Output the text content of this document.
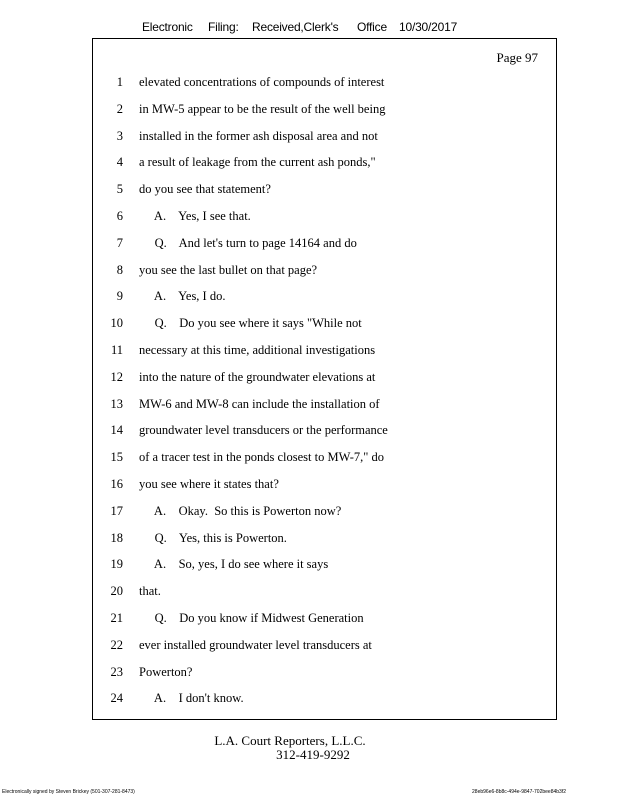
Electronic Filing: Received,Clerk's Office 10/30/2017
Page 97
1 elevated concentrations of compounds of interest
2 in MW-5 appear to be the result of the well being
3 installed in the former ash disposal area and not
4 a result of leakage from the current ash ponds,"
5 do you see that statement?
6 A.    Yes, I see that.
7 Q.    And let's turn to page 14164 and do
8 you see the last bullet on that page?
9 A.    Yes, I do.
10 Q.    Do you see where it says "While not
11 necessary at this time, additional investigations
12 into the nature of the groundwater elevations at
13 MW-6 and MW-8 can include the installation of
14 groundwater level transducers or the performance
15 of a tracer test in the ponds closest to MW-7," do
16 you see where it states that?
17 A.    Okay.  So this is Powerton now?
18 Q.    Yes, this is Powerton.
19 A.    So, yes, I do see where it says
20 that.
21 Q.    Do you know if Midwest Generation
22 ever installed groundwater level transducers at
23 Powerton?
24 A.    I don't know.
L.A. Court Reporters, L.L.C.
312-419-9292
Electronically signed by Steven Brickey (501-307-281-8473)	28eb96e6-8b8c-494e-9847-702bee84b3f2
